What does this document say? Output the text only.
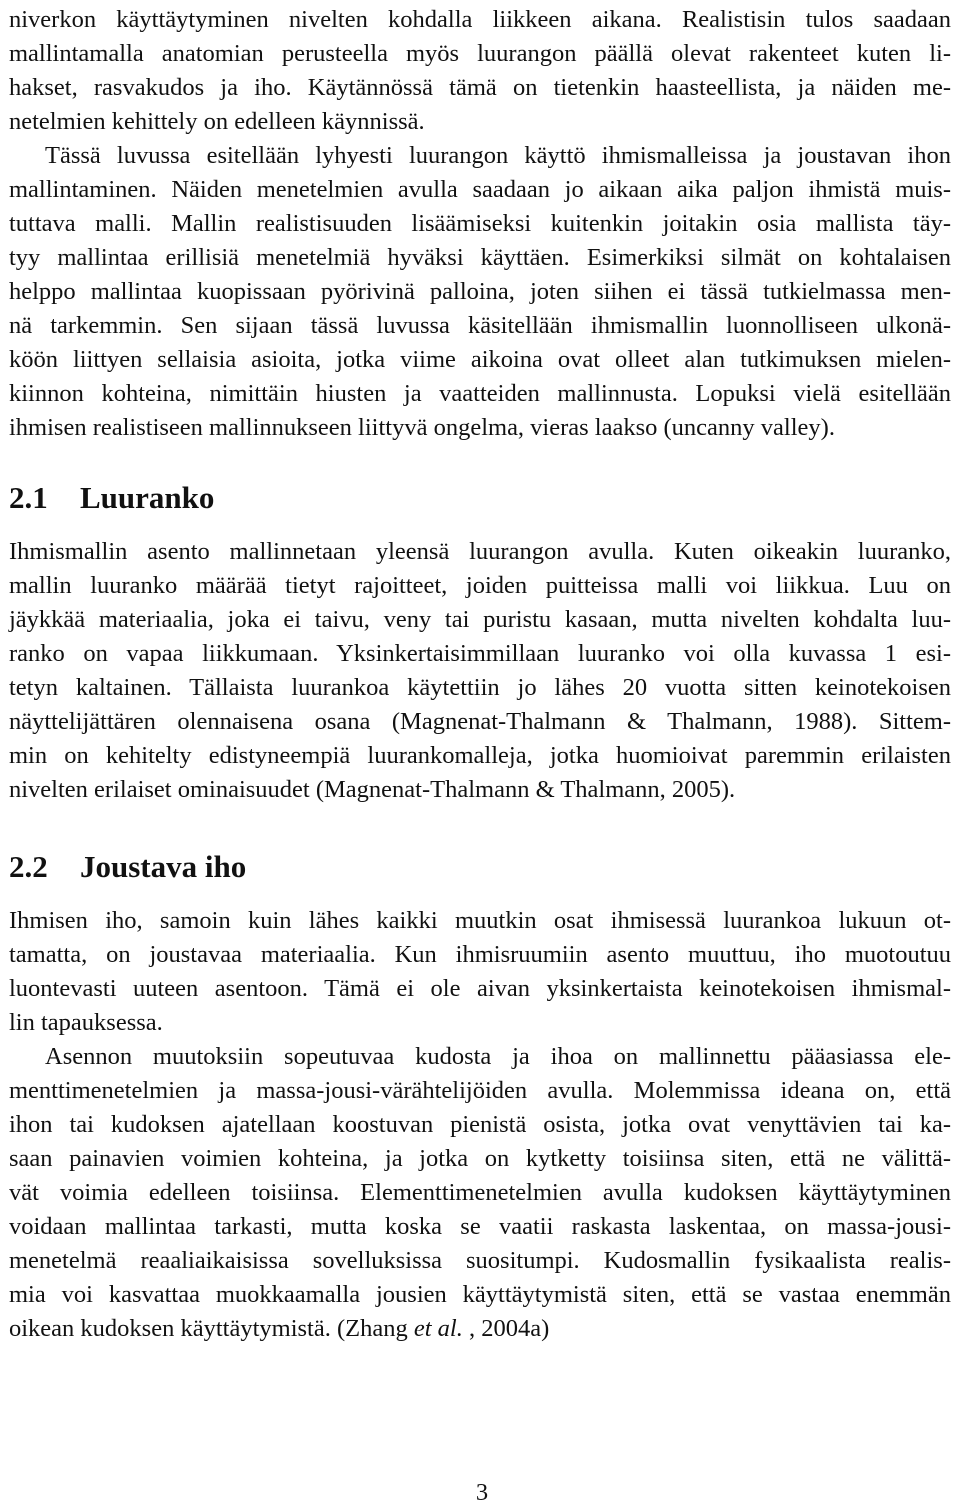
niverkon käyttäytyminen nivelten kohdalla liikkeen aikana. Realistisin tulos saadaan
mallintamalla anatomian perusteella myös luurangon päällä olevat rakenteet kuten li-
hakset, rasvakudos ja iho. Käytännössä tämä on tietenkin haasteellista, ja näiden me-
netelmien kehittely on edelleen käynnissä.
Tässä luvussa esitellään lyhyesti luurangon käyttö ihmismalleissa ja joustavan ihon
mallintaminen. Näiden menetelmien avulla saadaan jo aikaan aika paljon ihmistä muis-
tuttava malli. Mallin realistisuuden lisäämiseksi kuitenkin joitakin osia mallista täy-
tyy mallintaa erillisiä menetelmiä hyväksi käyttäen. Esimerkiksi silmät on kohtalaisen
helppo mallintaa kuopissaan pyörivinä palloina, joten siihen ei tässä tutkielmassa men-
nä tarkemmin. Sen sijaan tässä luvussa käsitellään ihmismallin luonnolliseen ulkonä-
köön liittyen sellaisia asioita, jotka viime aikoina ovat olleet alan tutkimuksen mielen-
kiinnon kohteina, nimittäin hiusten ja vaatteiden mallinnusta. Lopuksi vielä esitellään
ihmisen realistiseen mallinnukseen liittyvä ongelma, vieras laakso (uncanny valley).
2.1 Luuranko
Ihmismallin asento mallinnetaan yleensä luurangon avulla. Kuten oikeakin luuranko,
mallin luuranko määrää tietyt rajoitteet, joiden puitteissa malli voi liikkua. Luu on
jäykkää materiaalia, joka ei taivu, veny tai puristu kasaan, mutta nivelten kohdalta luu-
ranko on vapaa liikkumaan. Yksinkertaisimmillaan luuranko voi olla kuvassa 1 esi-
tetyn kaltainen. Tällaista luurankoa käytettiin jo lähes 20 vuotta sitten keinotekoisen
näyttelijättären olennaisena osana (Magnenat-Thalmann & Thalmann, 1988). Sittem-
min on kehitelty edistyneempiä luurankomalleja, jotka huomioivat paremmin erilaisten
nivelten erilaiset ominaisuudet (Magnenat-Thalmann & Thalmann, 2005).
2.2 Joustava iho
Ihmisen iho, samoin kuin lähes kaikki muutkin osat ihmisessä luurankoa lukuun ot-
tamatta, on joustavaa materiaalia. Kun ihmisruumiin asento muuttuu, iho muotoutuu
luontevasti uuteen asentoon. Tämä ei ole aivan yksinkertaista keinotekoisen ihmismal-
lin tapauksessa.
Asennon muutoksiin sopeutuvaa kudosta ja ihoa on mallinnettu pääasiassa ele-
menttimenetelmien ja massa-jousi-värähtelijöiden avulla. Molemmissa ideana on, että
ihon tai kudoksen ajatellaan koostuvan pienistä osista, jotka ovat venyttävien tai ka-
saan painavien voimien kohteina, ja jotka on kytketty toisiinsa siten, että ne välittä-
vät voimia edelleen toisiinsa. Elementtimenetelmien avulla kudoksen käyttäytyminen
voidaan mallintaa tarkasti, mutta koska se vaatii raskasta laskentaa, on massa-jousi-
menetelmä reaaliaikaisissa sovelluksissa suositumpi. Kudosmallin fysikaalista realis-
mia voi kasvattaa muokkaamalla jousien käyttäytymistä siten, että se vastaa enemmän
oikean kudoksen käyttäytymistä. (Zhang et al. , 2004a)
3
